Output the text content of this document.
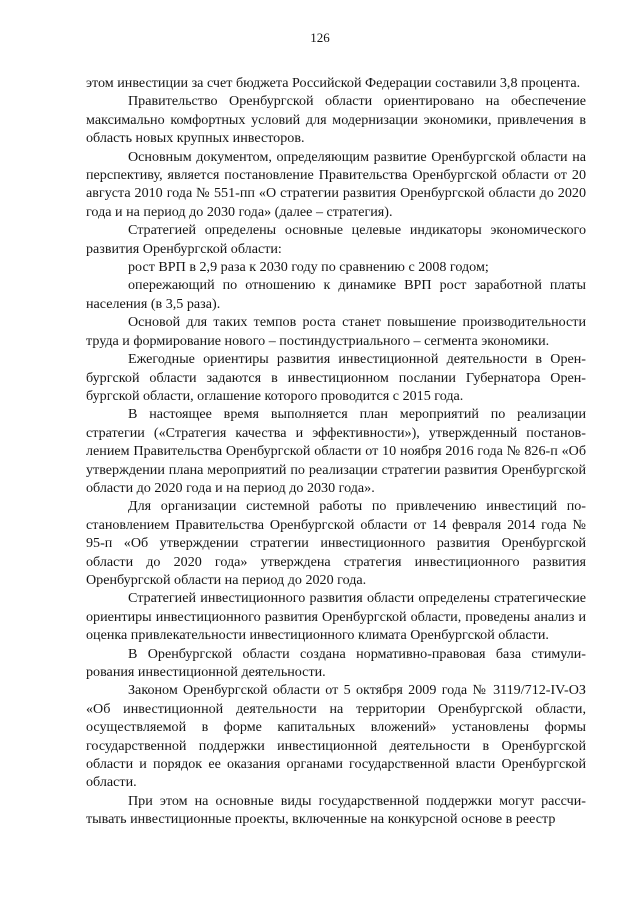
126

этом инвестиции за счет бюджета Российской Федерации составили 3,8 процента.

Правительство Оренбургской области ориентировано на обеспечение максимально комфортных условий для модернизации экономики, привлечения в область новых крупных инвесторов.

Основным документом, определяющим развитие Оренбургской области на перспективу, является постановление Правительства Оренбургской области от 20 августа 2010 года № 551-пп «О стратегии развития Оренбургской области до 2020 года и на период до 2030 года» (далее – стратегия).

Стратегией определены основные целевые индикаторы экономического развития Оренбургской области:

рост ВРП в 2,9 раза к 2030 году по сравнению с 2008 годом;

опережающий по отношению к динамике ВРП рост заработной платы населения (в 3,5 раза).

Основой для таких темпов роста станет повышение производительности труда и формирование нового – постиндустриального – сегмента экономики.

Ежегодные ориентиры развития инвестиционной деятельности в Оренбургской области задаются в инвестиционном послании Губернатора Оренбургской области, оглашение которого проводится с 2015 года.

В настоящее время выполняется план мероприятий по реализации стратегии («Стратегия качества и эффективности»), утвержденный постановлением Правительства Оренбургской области от 10 ноября 2016 года № 826-п «Об утверждении плана мероприятий по реализации стратегии развития Оренбургской области до 2020 года и на период до 2030 года».

Для организации системной работы по привлечению инвестиций постановлением Правительства Оренбургской области от 14 февраля 2014 года № 95-п «Об утверждении стратегии инвестиционного развития Оренбургской области до 2020 года» утверждена стратегия инвестиционного развития Оренбургской области на период до 2020 года.

Стратегией инвестиционного развития области определены стратегические ориентиры инвестиционного развития Оренбургской области, проведены анализ и оценка привлекательности инвестиционного климата Оренбургской области.

В Оренбургской области создана нормативно-правовая база стимулирования инвестиционной деятельности.

Законом Оренбургской области от 5 октября 2009 года № 3119/712-IV-ОЗ «Об инвестиционной деятельности на территории Оренбургской области, осуществляемой в форме капитальных вложений» установлены формы государственной поддержки инвестиционной деятельности в Оренбургской области и порядок ее оказания органами государственной власти Оренбургской области.

При этом на основные виды государственной поддержки могут рассчитывать инвестиционные проекты, включенные на конкурсной основе в реестр
